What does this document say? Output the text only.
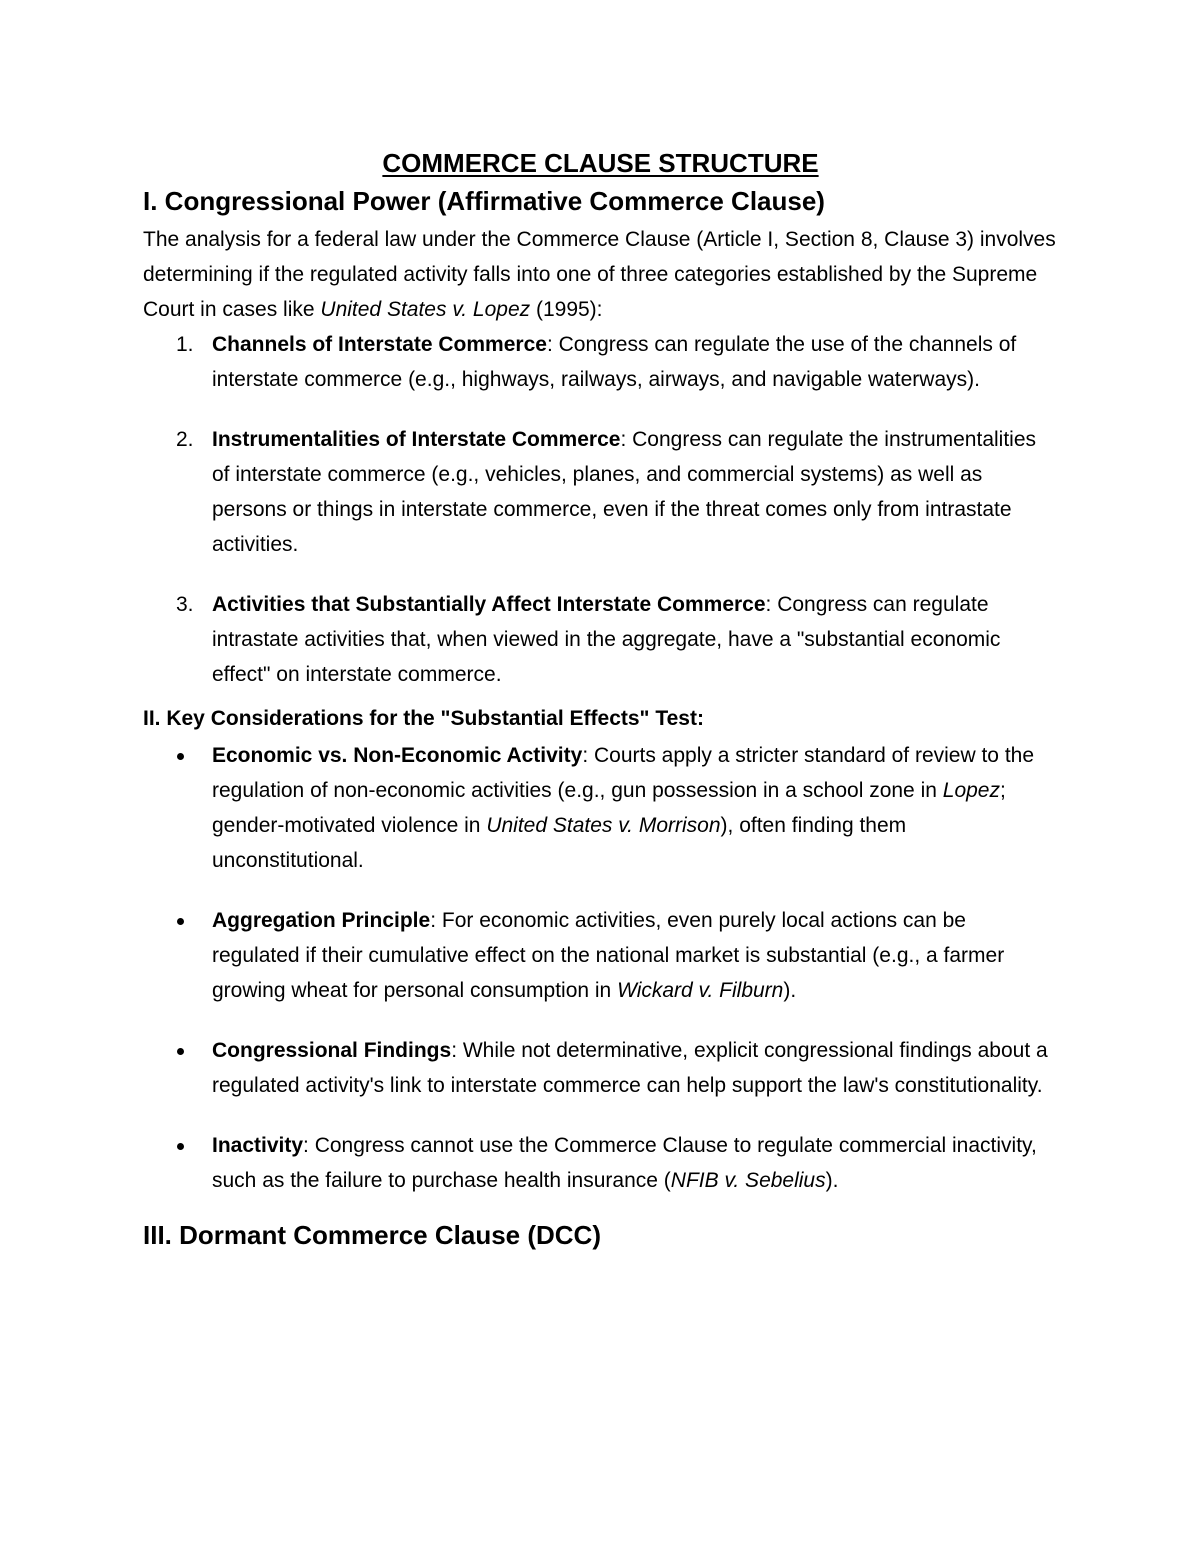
COMMERCE CLAUSE STRUCTURE
I. Congressional Power (Affirmative Commerce Clause)

The analysis for a federal law under the Commerce Clause (Article I, Section 8, Clause 3) involves determining if the regulated activity falls into one of three categories established by the Supreme Court in cases like United States v. Lopez (1995):

1. Channels of Interstate Commerce: Congress can regulate the use of the channels of interstate commerce (e.g., highways, railways, airways, and navigable waterways).
2. Instrumentalities of Interstate Commerce: Congress can regulate the instrumentalities of interstate commerce (e.g., vehicles, planes, and commercial systems) as well as persons or things in interstate commerce, even if the threat comes only from intrastate activities.
3. Activities that Substantially Affect Interstate Commerce: Congress can regulate intrastate activities that, when viewed in the aggregate, have a "substantial economic effect" on interstate commerce.
II. Key Considerations for the "Substantial Effects" Test:
Economic vs. Non-Economic Activity: Courts apply a stricter standard of review to the regulation of non-economic activities (e.g., gun possession in a school zone in Lopez; gender-motivated violence in United States v. Morrison), often finding them unconstitutional.
Aggregation Principle: For economic activities, even purely local actions can be regulated if their cumulative effect on the national market is substantial (e.g., a farmer growing wheat for personal consumption in Wickard v. Filburn).
Congressional Findings: While not determinative, explicit congressional findings about a regulated activity's link to interstate commerce can help support the law's constitutionality.
Inactivity: Congress cannot use the Commerce Clause to regulate commercial inactivity, such as the failure to purchase health insurance (NFIB v. Sebelius).
III. Dormant Commerce Clause (DCC)
